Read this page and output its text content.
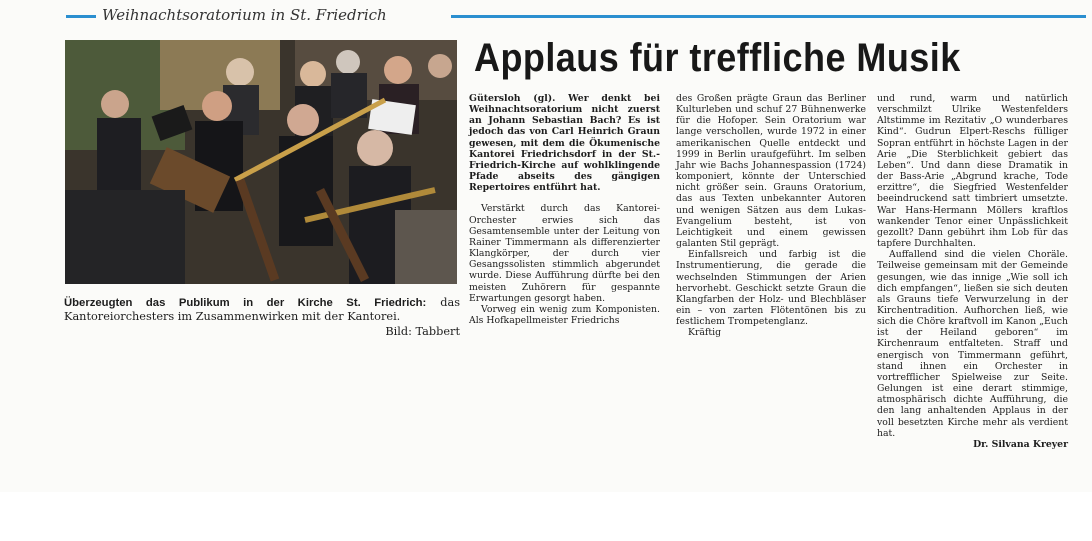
Weihnachtsoratorium in St. Friedrich
Überzeugten das Publikum in der Kirche St. Friedrich: das Kantoreiorchesters im Zusammenwirken mit der Kantorei.
Bild: Tabbert
Applaus für treffliche Musik

Gütersloh (gl). Wer denkt bei Weihnachtsoratorium nicht zuerst an Johann Sebastian Bach? Es ist jedoch das von Carl Heinrich Graun gewesen, mit dem die Ökumenische Kantorei Friedrichsdorf in der St.-Friedrich-Kirche auf wohlklingende Pfade abseits des gängigen Repertoires entführt hat.

Verstärkt durch das Kantorei-Orchester erwies sich das Gesamtensemble unter der Leitung von Rainer Timmermann als differenzierter Klangkörper, der durch vier Gesangssolisten stimmlich abgerundet wurde. Diese Aufführung dürfte bei den meisten Zuhörern für gespannte Erwartungen gesorgt haben.

Vorweg ein wenig zum Komponisten. Als Hofkapellmeister Friedrichs

des Großen prägte Graun das Berliner Kulturleben und schuf 27 Bühnenwerke für die Hofoper. Sein Oratorium war lange verschollen, wurde 1972 in einer amerikanischen Quelle entdeckt und 1999 in Berlin uraufgeführt. Im selben Jahr wie Bachs Johannespassion (1724) komponiert, könnte der Unterschied nicht größer sein. Grauns Oratorium, das aus Texten unbekannter Autoren und wenigen Sätzen aus dem Lukas-Evangelium besteht, ist von Leichtigkeit und einem gewissen galanten Stil geprägt.

Einfallsreich und farbig ist die Instrumentierung, die gerade die wechselnden Stimmungen der Arien hervorhebt. Geschickt setzte Graun die Klangfarben der Holz- und Blechbläser ein – von zarten Flötentönen bis zu festlichem Trompetenglanz.

Kräftig

und rund, warm und natürlich verschmilzt Ulrike Westenfelders Altstimme im Rezitativ „O wunderbares Kind“. Gudrun Elpert-Reschs fülliger Sopran entführt in höchste Lagen in der Arie „Die Sterblichkeit gebiert das Leben“. Und dann diese Dramatik in der Bass-Arie „Abgrund krache, Tode erzittre“, die Siegfried Westenfelder beeindruckend satt timbriert umsetzte. War Hans-Hermann Möllers kraftlos wankender Tenor einer Unpässlichkeit gezollt? Dann gebührt ihm Lob für das tapfere Durchhalten.

Auffallend sind die vielen Choräle. Teilweise gemeinsam mit der Gemeinde gesungen, wie das innige „Wie soll ich dich empfangen“, ließen sie sich deuten als Grauns tiefe Verwurzelung in der Kirchentradition. Aufhorchen ließ, wie sich die Chöre kraftvoll im Kanon „Euch ist der Heiland geboren“ im Kirchenraum entfalteten. Straff und energisch von Timmermann geführt, stand ihnen ein Orchester in vortrefflicher Spielweise zur Seite. Gelungen ist eine derart stimmige, atmosphärisch dichte Aufführung, die den lang anhaltenden Applaus in der voll besetzten Kirche mehr als verdient hat.

Dr. Silvana Kreyer
